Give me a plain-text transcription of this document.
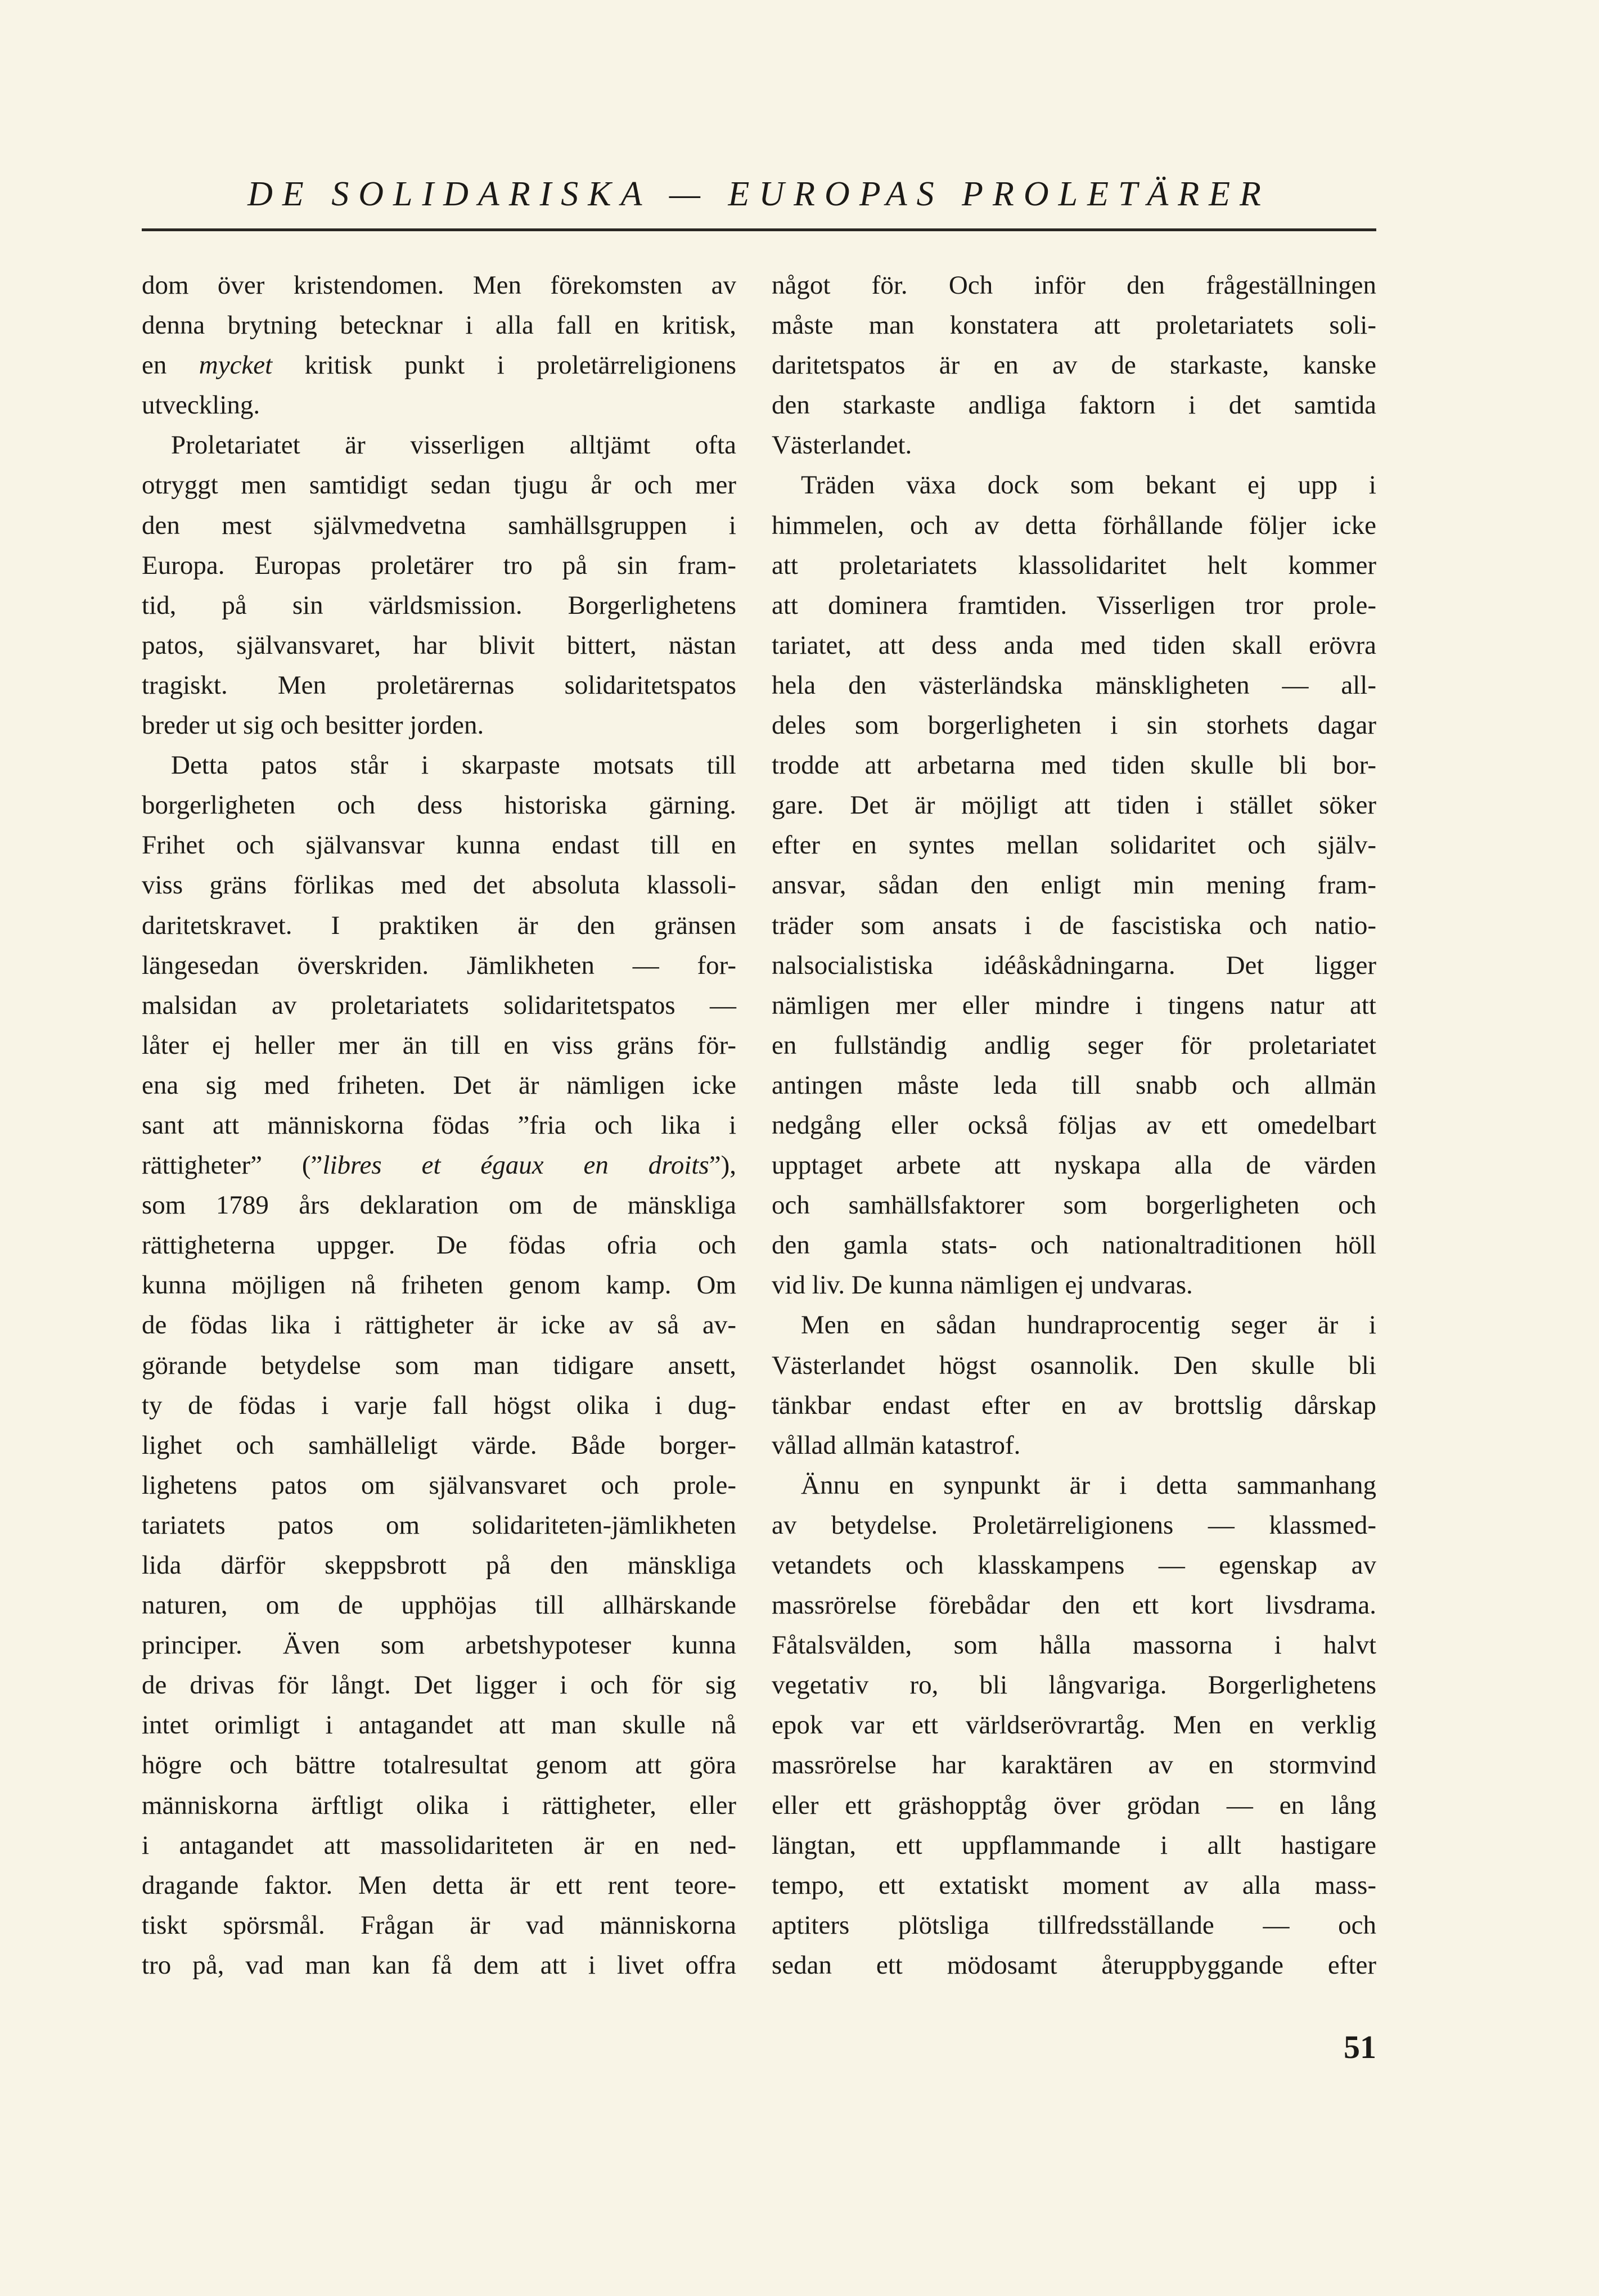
DE SOLIDARISKA — EUROPAS PROLETÄRER
dom över kristendomen. Men förekomsten av
denna brytning betecknar i alla fall en kritisk,
en mycket kritisk punkt i proletärreligionens
utveckling.
Proletariatet är visserligen alltjämt ofta
otryggt men samtidigt sedan tjugu år och mer
den mest självmedvetna samhällsgruppen i
Europa. Europas proletärer tro på sin fram-
tid, på sin världsmission. Borgerlighetens
patos, självansvaret, har blivit bittert, nästan
tragiskt. Men proletärernas solidaritetspatos
breder ut sig och besitter jorden.
Detta patos står i skarpaste motsats till
borgerligheten och dess historiska gärning.
Frihet och självansvar kunna endast till en
viss gräns förlikas med det absoluta klassoli-
daritetskravet. I praktiken är den gränsen
längesedan överskriden. Jämlikheten — for-
malsidan av proletariatets solidaritetspatos —
låter ej heller mer än till en viss gräns för-
ena sig med friheten. Det är nämligen icke
sant att människorna födas ”fria och lika i
rättigheter” (”libres et égaux en droits”),
som 1789 års deklaration om de mänskliga
rättigheterna uppger. De födas ofria och
kunna möjligen nå friheten genom kamp. Om
de födas lika i rättigheter är icke av så av-
görande betydelse som man tidigare ansett,
ty de födas i varje fall högst olika i dug-
lighet och samhälleligt värde. Både borger-
lighetens patos om självansvaret och prole-
tariatets patos om solidariteten-jämlikheten
lida därför skeppsbrott på den mänskliga
naturen, om de upphöjas till allhärskande
principer. Även som arbetshypoteser kunna
de drivas för långt. Det ligger i och för sig
intet orimligt i antagandet att man skulle nå
högre och bättre totalresultat genom att göra
människorna ärftligt olika i rättigheter, eller
i antagandet att massolidariteten är en ned-
dragande faktor. Men detta är ett rent teore-
tiskt spörsmål. Frågan är vad människorna
tro på, vad man kan få dem att i livet offra
något för. Och inför den frågeställningen
måste man konstatera att proletariatets soli-
daritetspatos är en av de starkaste, kanske
den starkaste andliga faktorn i det samtida
Västerlandet.
Träden växa dock som bekant ej upp i
himmelen, och av detta förhållande följer icke
att proletariatets klassolidaritet helt kommer
att dominera framtiden. Visserligen tror prole-
tariatet, att dess anda med tiden skall erövra
hela den västerländska mänskligheten — all-
deles som borgerligheten i sin storhets dagar
trodde att arbetarna med tiden skulle bli bor-
gare. Det är möjligt att tiden i stället söker
efter en syntes mellan solidaritet och själv-
ansvar, sådan den enligt min mening fram-
träder som ansats i de fascistiska och natio-
nalsocialistiska idéåskådningarna. Det ligger
nämligen mer eller mindre i tingens natur att
en fullständig andlig seger för proletariatet
antingen måste leda till snabb och allmän
nedgång eller också följas av ett omedelbart
upptaget arbete att nyskapa alla de värden
och samhällsfaktorer som borgerligheten och
den gamla stats- och nationaltraditionen höll
vid liv. De kunna nämligen ej undvaras.
Men en sådan hundraprocentig seger är i
Västerlandet högst osannolik. Den skulle bli
tänkbar endast efter en av brottslig dårskap
vållad allmän katastrof.
Ännu en synpunkt är i detta sammanhang
av betydelse. Proletärreligionens — klassmed-
vetandets och klasskampens — egenskap av
massrörelse förebådar den ett kort livsdrama.
Fåtalsvälden, som hålla massorna i halvt
vegetativ ro, bli långvariga. Borgerlighetens
epok var ett världserövrartåg. Men en verklig
massrörelse har karaktären av en stormvind
eller ett gräshopptåg över grödan — en lång
längtan, ett uppflammande i allt hastigare
tempo, ett extatiskt moment av alla mass-
aptiters plötsliga tillfredsställande — och
sedan ett mödosamt återuppbyggande efter
51
